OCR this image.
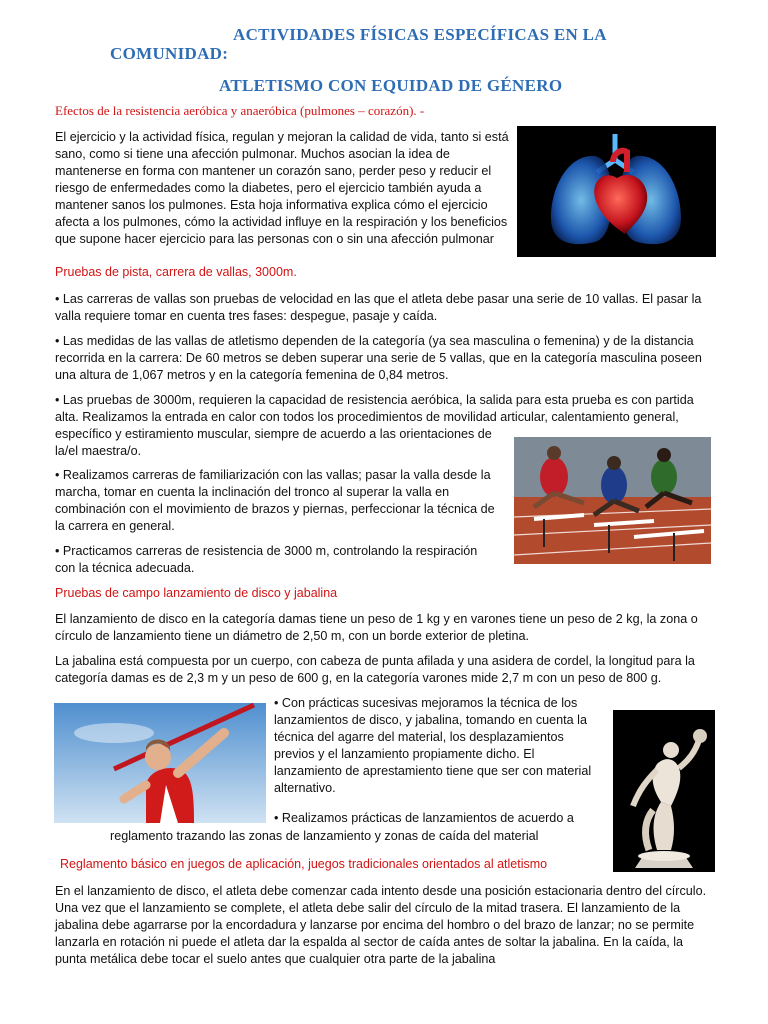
ACTIVIDADES FÍSICAS ESPECÍFICAS EN LA
COMUNIDAD:
ATLETISMO CON EQUIDAD DE GÉNERO
Efectos de la resistencia aeróbica y anaeróbica (pulmones – corazón). -

El ejercicio y la actividad física, regulan y mejoran la calidad de vida, tanto si está sano, como si tiene una afección pulmonar. Muchos asocian la idea de mantenerse en forma con mantener un corazón sano, perder peso y reducir el riesgo de enfermedades como la diabetes, pero el ejercicio también ayuda a mantener sanos los pulmones. Esta hoja informativa explica cómo el ejercicio afecta a los pulmones, cómo la actividad influye en la respiración y los beneficios que supone hacer ejercicio para las personas con o sin una afección pulmonar

Pruebas de pista, carrera de vallas, 3000m.

• Las carreras de vallas son pruebas de velocidad en las que el atleta debe pasar una serie de 10 vallas. El pasar la valla requiere tomar en cuenta tres fases: despegue, pasaje y caída.

• Las medidas de las vallas de atletismo dependen de la categoría (ya sea masculina o femenina) y de la distancia recorrida en la carrera: De 60 metros se deben superar una serie de 5 vallas, que en la categoría masculina poseen una altura de 1,067 metros y en la categoría femenina de 0,84 metros.

• Las pruebas de 3000m, requieren la capacidad de resistencia aeróbica, la salida para esta prueba es con partida alta. Realizamos la entrada en calor con todos los procedimientos de movilidad articular, calentamiento general,

específico y estiramiento muscular, siempre de acuerdo a las orientaciones de la/el maestra/o.

• Realizamos carreras de familiarización con las vallas; pasar la valla desde la marcha, tomar en cuenta la inclinación del tronco al superar la valla en combinación con el movimiento de brazos y piernas, perfeccionar la técnica de la carrera en general.

• Practicamos carreras de resistencia de 3000 m, controlando la respiración con la técnica adecuada.

Pruebas de campo lanzamiento de disco y jabalina

El lanzamiento de disco en la categoría damas tiene un peso de 1 kg y en varones tiene un peso de 2 kg, la zona o círculo de lanzamiento tiene un diámetro de 2,50 m, con un borde exterior de pletina.

La jabalina está compuesta por un cuerpo, con cabeza de punta afilada y una asidera de cordel, la longitud para la categoría damas es de 2,3 m y un peso de 600 g, en la categoría varones mide 2,7 m con un peso de 800 g.

• Con prácticas sucesivas mejoramos la técnica de los lanzamientos de disco, y jabalina, tomando en cuenta la técnica del agarre del material, los desplazamientos previos y el lanzamiento propiamente dicho. El lanzamiento de aprestamiento tiene que ser con material alternativo.

• Realizamos prácticas de lanzamientos de acuerdo a

reglamento trazando las zonas de lanzamiento y zonas de caída del material

Reglamento básico en juegos de aplicación, juegos tradicionales orientados al atletismo

En el lanzamiento de disco, el atleta debe comenzar cada intento desde una posición estacionaria dentro del círculo. Una vez que el lanzamiento se complete, el atleta debe salir del círculo de la mitad trasera. El lanzamiento de la jabalina debe agarrarse por la encordadura y lanzarse por encima del hombro o del brazo de lanzar; no se permite lanzarla en rotación ni puede el atleta dar la espalda al sector de caída antes de soltar la jabalina. En la caída, la punta metálica debe tocar el suelo antes que cualquier otra parte de la jabalina
